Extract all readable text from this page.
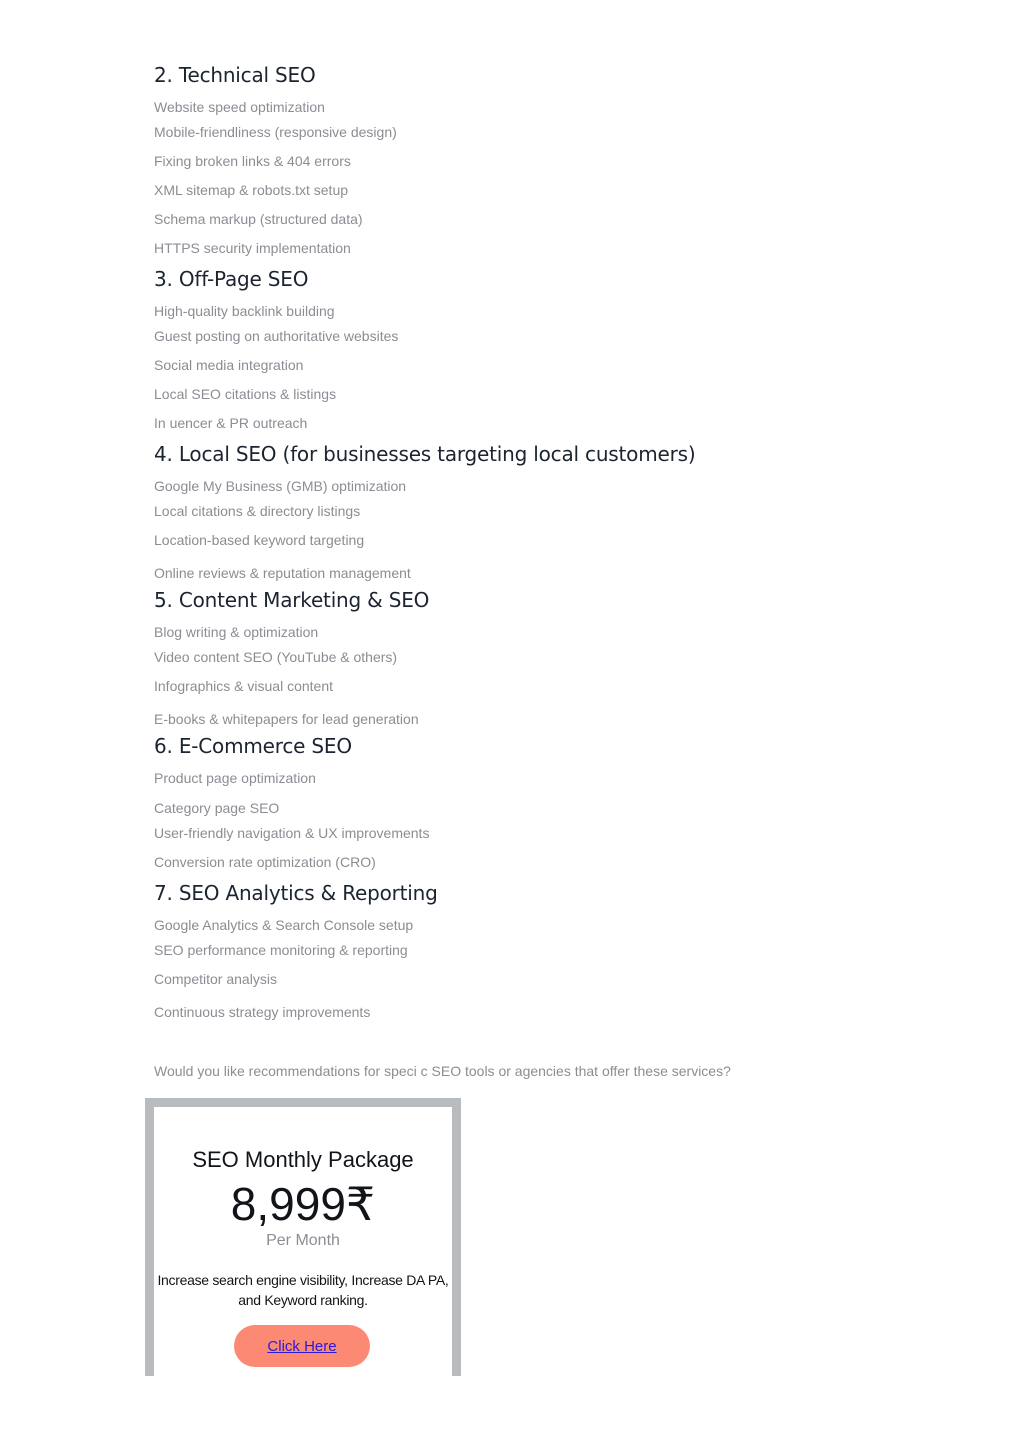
2. Technical SEO
Website speed optimization
Mobile-friendliness (responsive design)
Fixing broken links & 404 errors
XML sitemap & robots.txt setup
Schema markup (structured data)
HTTPS security implementation
3. Off-Page SEO
High-quality backlink building
Guest posting on authoritative websites
Social media integration
Local SEO citations & listings
In uencer & PR outreach
4. Local SEO (for businesses targeting local customers)
Google My Business (GMB) optimization
Local citations & directory listings
Location-based keyword targeting
Online reviews & reputation management
5. Content Marketing & SEO
Blog writing & optimization
Video content SEO (YouTube & others)
Infographics & visual content
E-books & whitepapers for lead generation
6. E-Commerce SEO
Product page optimization
Category page SEO
User-friendly navigation & UX improvements
Conversion rate optimization (CRO)
7. SEO Analytics & Reporting
Google Analytics & Search Console setup
SEO performance monitoring & reporting
Competitor analysis
Continuous strategy improvements
Would you like recommendations for speci c SEO tools or agencies that offer these services?
SEO Monthly Package
8,999₹
Per Month
Increase search engine visibility, Increase DA PA,
and Keyword ranking.
Click Here
